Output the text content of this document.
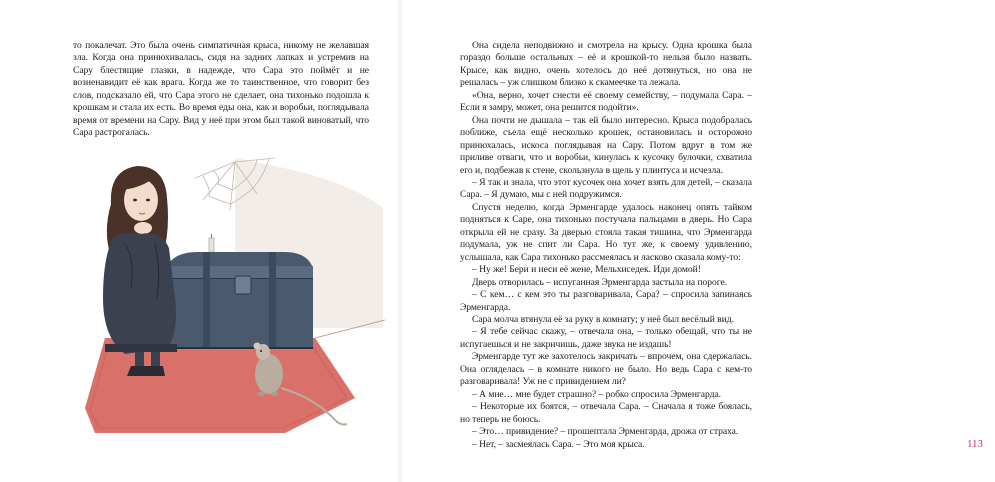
то покалечат. Это была очень симпатичная крыса, никому не желавшая зла. Когда она принюхивалась, сидя на задних лапках и устремив на Сару блестящие глазки, в надежде, что Сара это поймёт и не возненавидит её как врага. Когда же то таинственное, что говорит без слов, подсказало ей, что Сара этого не сделает, она тихонько подошла к крошкам и стала их есть. Во время еды она, как и воробьи, поглядывала время от времени на Сару. Вид у неё при этом был такой виноватый, что Сара растрогалась.

Она сидела неподвижно и смотрела на крысу. Одна крошка была гораздо больше остальных – её и крошкой-то нельзя было назвать. Крысе, как видно, очень хотелось до неё дотянуться, но она не решалась – уж слишком близко к скамеечке та лежала.

«Она, верно, хочет снести её своему семейству, – подумала Сара. – Если я замру, может, она решится подойти».

Она почти не дышала – так ей было интересно. Крыса подобралась поближе, съела ещё несколько крошек, остановилась и осторожно принюхалась, искоса поглядывая на Сару. Потом вдруг в том же приливе отваги, что и воробьи, кинулась к кусочку булочки, схватила его и, подбежав к стене, скользнула в щель у плинтуса и исчезла.

– Я так и знала, что этот кусочек она хочет взять для детей, – сказала Сара. – Я думаю, мы с ней подружимся.

Спустя неделю, когда Эрменгарде удалось наконец опять тайком подняться к Саре, она тихонько постучала пальцами в дверь. Но Сара открыла ей не сразу. За дверью стояла такая тишина, что Эрменгарда подумала, уж не спит ли Сара. Но тут же, к своему удивлению, услышала, как Сара тихонько рассмеялась и ласково сказала кому-то:

– Ну же! Бери и неси её жене, Мельхиседек. Иди домой!

Дверь отворилась – испуганная Эрменгарда застыла на пороге.

– С кем… с кем это ты разговаривала, Сара? – спросила запинаясь Эрменгарда.

Сара молча втянула её за руку в комнату; у неё был весёлый вид.

– Я тебе сейчас скажу, – отвечала она, – только обещай, что ты не испугаешься и не закричишь, даже звука не издашь!

Эрменгарде тут же захотелось закричать – впрочем, она сдержалась. Она огляделась – в комнате никого не было. Но ведь Сара с кем-то разговаривала! Уж не с привидением ли?

– А мне… мне будет страшно? – робко спросила Эрменгарда.

– Некоторые их боятся, – отвечала Сара. – Сначала я тоже боялась, но теперь не боюсь.

– Это… привидение? – прошептала Эрменгарда, дрожа от страха.

– Нет, – засмеялась Сара. – Это моя крыса.	113
